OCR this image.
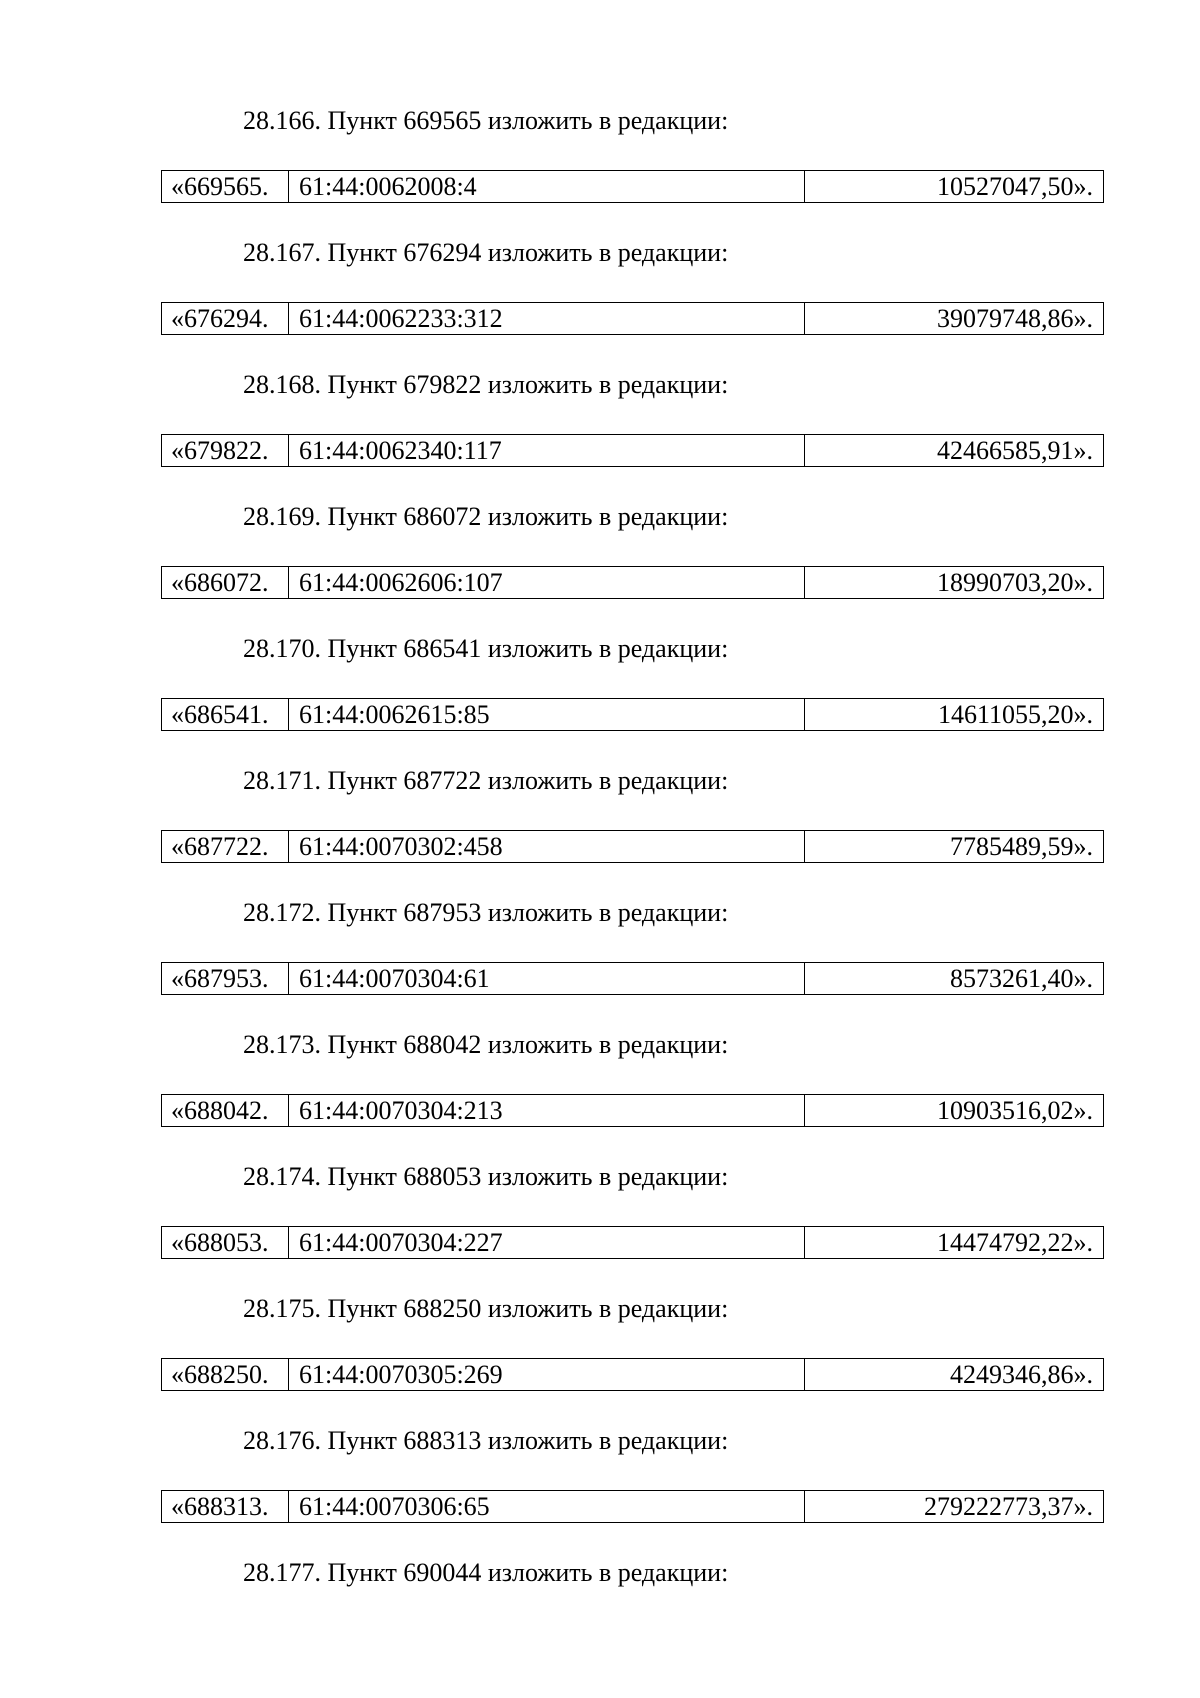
28.166. Пункт 669565 изложить в редакции:
«669565.	61:44:0062008:4	10527047,50».
28.167. Пункт 676294 изложить в редакции:
«676294.	61:44:0062233:312	39079748,86».
28.168. Пункт 679822 изложить в редакции:
«679822.	61:44:0062340:117	42466585,91».
28.169. Пункт 686072 изложить в редакции:
«686072.	61:44:0062606:107	18990703,20».
28.170. Пункт 686541 изложить в редакции:
«686541.	61:44:0062615:85	14611055,20».
28.171. Пункт 687722 изложить в редакции:
«687722.	61:44:0070302:458	7785489,59».
28.172. Пункт 687953 изложить в редакции:
«687953.	61:44:0070304:61	8573261,40».
28.173. Пункт 688042 изложить в редакции:
«688042.	61:44:0070304:213	10903516,02».
28.174. Пункт 688053 изложить в редакции:
«688053.	61:44:0070304:227	14474792,22».
28.175. Пункт 688250 изложить в редакции:
«688250.	61:44:0070305:269	4249346,86».
28.176. Пункт 688313 изложить в редакции:
«688313.	61:44:0070306:65	279222773,37».
28.177. Пункт 690044 изложить в редакции:
